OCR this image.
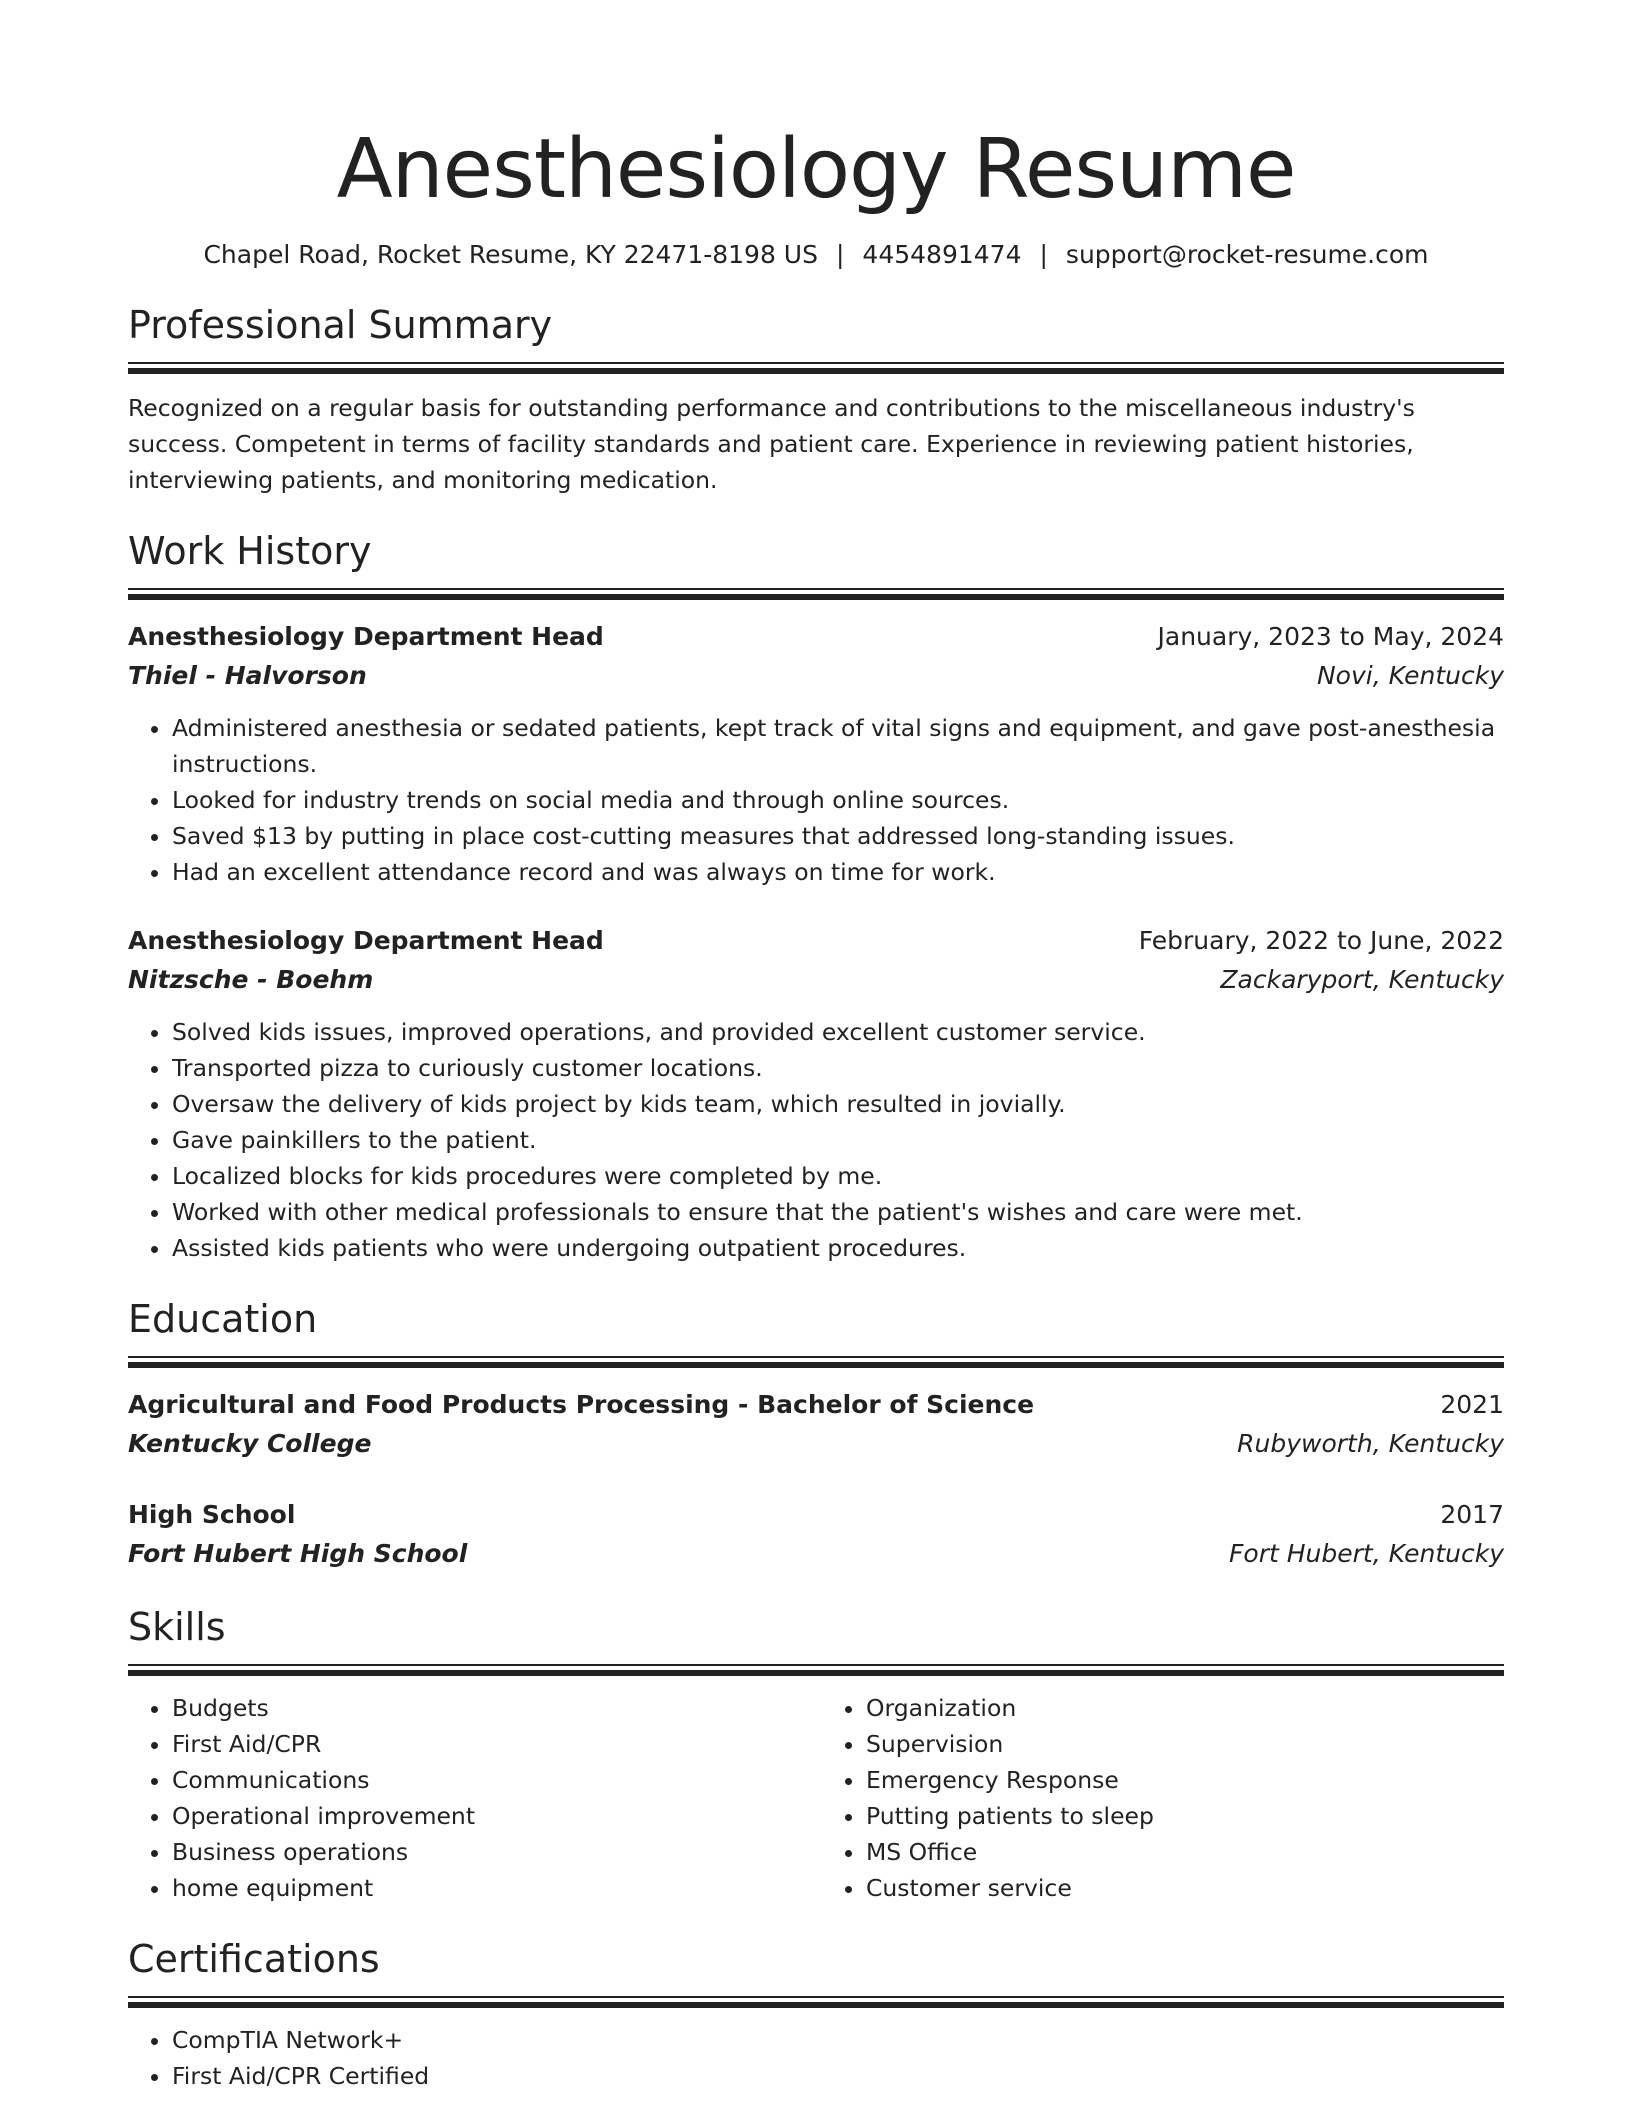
Anesthesiology Resume
Chapel Road, Rocket Resume, KY 22471-8198 US | 4454891474 | support@rocket-resume.com
Professional Summary
Recognized on a regular basis for outstanding performance and contributions to the miscellaneous industry's success. Competent in terms of facility standards and patient care. Experience in reviewing patient histories, interviewing patients, and monitoring medication.
Work History
Anesthesiology Department Head	January, 2023 to May, 2024
Thiel - Halvorson	Novi, Kentucky
• Administered anesthesia or sedated patients, kept track of vital signs and equipment, and gave post-anesthesia instructions.
• Looked for industry trends on social media and through online sources.
• Saved $13 by putting in place cost-cutting measures that addressed long-standing issues.
• Had an excellent attendance record and was always on time for work.
Anesthesiology Department Head	February, 2022 to June, 2022
Nitzsche - Boehm	Zackaryport, Kentucky
• Solved kids issues, improved operations, and provided excellent customer service.
• Transported pizza to curiously customer locations.
• Oversaw the delivery of kids project by kids team, which resulted in jovially.
• Gave painkillers to the patient.
• Localized blocks for kids procedures were completed by me.
• Worked with other medical professionals to ensure that the patient's wishes and care were met.
• Assisted kids patients who were undergoing outpatient procedures.
Education
Agricultural and Food Products Processing - Bachelor of Science	2021
Kentucky College	Rubyworth, Kentucky
High School	2017
Fort Hubert High School	Fort Hubert, Kentucky
Skills
• Budgets
• First Aid/CPR
• Communications
• Operational improvement
• Business operations
• home equipment
• Organization
• Supervision
• Emergency Response
• Putting patients to sleep
• MS Office
• Customer service
Certifications
• CompTIA Network+
• First Aid/CPR Certified
